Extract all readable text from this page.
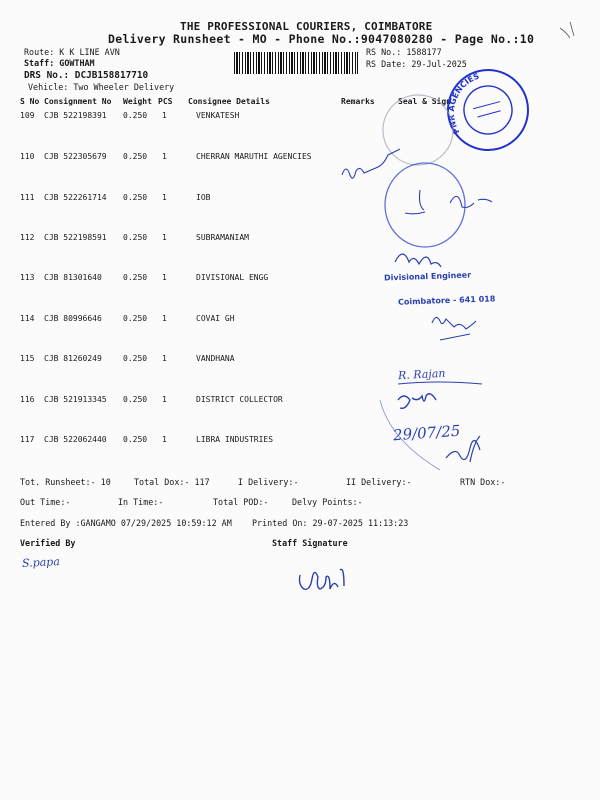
THE PROFESSIONAL COURIERS, COIMBATORE
Delivery Runsheet - MO - Phone No.:9047080280 - Page No.:10
Route: K K LINE AVN
Staff: GOWTHAM
DRS No.: DCJB158817710
Vehicle: Two Wheeler Delivery
RS No.: 1588177
RS Date: 29-Jul-2025
S No Consignment No Weight PCS Consignee Details	Remarks	Seal & Sign
109 CJB 522198391 0.250 1	VENKATESH
110 CJB 522305679 0.250 1	CHERRAN MARUTHI AGENCIES
111 CJB 522261714 0.250 1	IOB
112 CJB 522198591 0.250 1	SUBRAMANIAM
113 CJB 81301640	0.250 1	DIVISIONAL ENGG
114 CJB 80996646	0.250 1	COVAI GH
115 CJB 81260249	0.250 1	VANDHANA
116 CJB 521913345 0.250 1	DISTRICT COLLECTOR
117 CJB 522062440 0.250 1	LIBRA INDUSTRIES
Tot. Runsheet:- 10	Total Dox:- 117	I Delivery:-	II Delivery:-	RTN Dox:-
Out Time:-	In Time:-	Total POD:-	Delvy Points:-
Entered By :GANGAMO 07/29/2025 10:59:12 AM Printed On: 29-07-2025 11:13:23
Verified By	Staff Signature
R. Rajan
29/07/25
S.papa
PNR AGENCIES
Divisional Engineer
Coimbatore - 641 018
